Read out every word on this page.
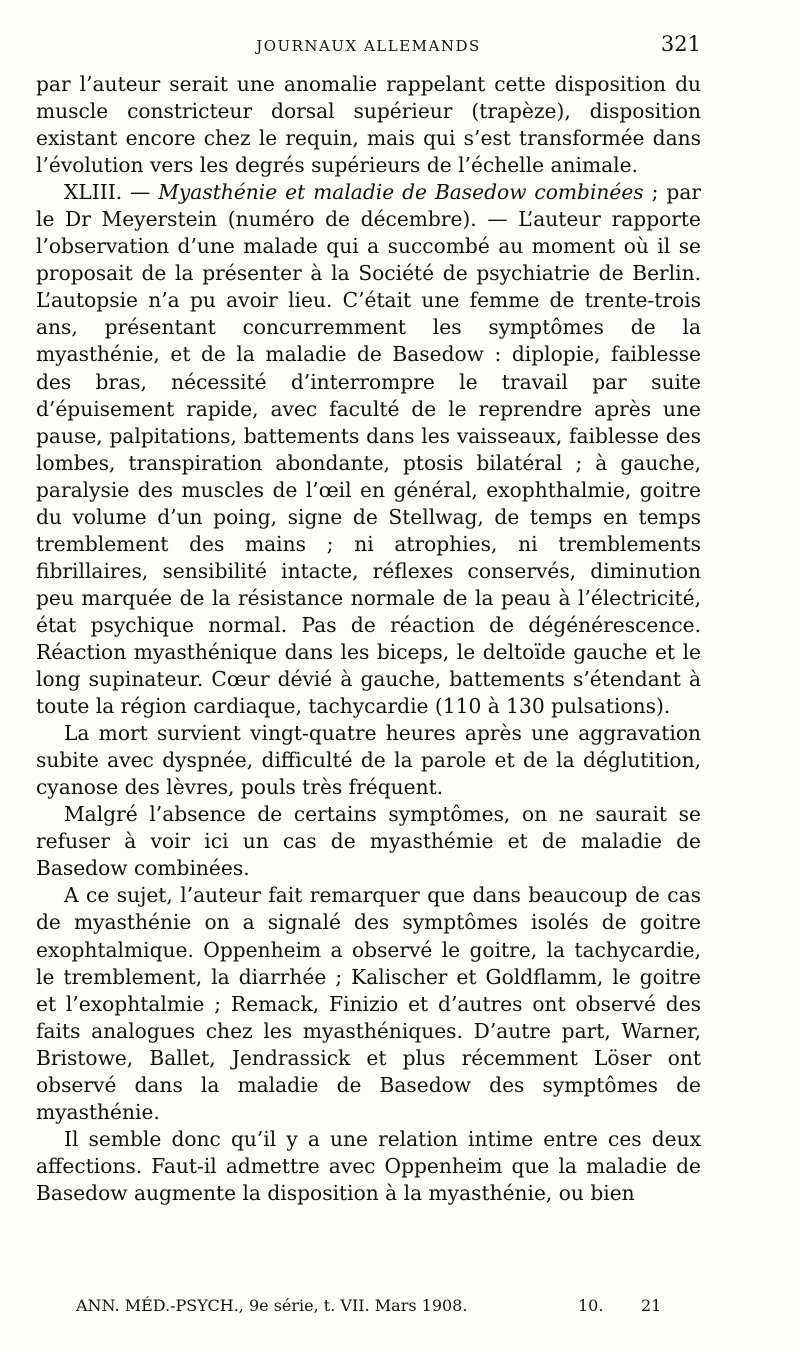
JOURNAUX ALLEMANDS	321

par l’auteur serait une anomalie rappelant cette disposition du muscle constricteur dorsal supérieur (trapèze), disposition existant encore chez le requin, mais qui s’est transformée dans l’évolution vers les degrés supérieurs de l’échelle animale.

XLIII. — Myasthénie et maladie de Basedow combinées ; par le Dr Meyerstein (numéro de décembre). — L’auteur rapporte l’observation d’une malade qui a succombé au moment où il se proposait de la présenter à la Société de psychiatrie de Berlin. L’autopsie n’a pu avoir lieu. C’était une femme de trente-trois ans, présentant concurremment les symptômes de la myasthénie, et de la maladie de Basedow : diplopie, faiblesse des bras, nécessité d’interrompre le travail par suite d’épuisement rapide, avec faculté de le reprendre après une pause, palpitations, battements dans les vaisseaux, faiblesse des lombes, transpiration abondante, ptosis bilatéral ; à gauche, paralysie des muscles de l’œil en général, exophthalmie, goitre du volume d’un poing, signe de Stellwag, de temps en temps tremblement des mains ; ni atrophies, ni tremblements fibrillaires, sensibilité intacte, réflexes conservés, diminution peu marquée de la résistance normale de la peau à l’électricité, état psychique normal. Pas de réaction de dégénérescence. Réaction myasthénique dans les biceps, le deltoïde gauche et le long supinateur. Cœur dévié à gauche, battements s’étendant à toute la région cardiaque, tachycardie (110 à 130 pulsations).

La mort survient vingt-quatre heures après une aggravation subite avec dyspnée, difficulté de la parole et de la déglutition, cyanose des lèvres, pouls très fréquent.

Malgré l’absence de certains symptômes, on ne saurait se refuser à voir ici un cas de myasthémie et de maladie de Basedow combinées.

A ce sujet, l’auteur fait remarquer que dans beaucoup de cas de myasthénie on a signalé des symptômes isolés de goitre exophtalmique. Oppenheim a observé le goitre, la tachycardie, le tremblement, la diarrhée ; Kalischer et Goldflamm, le goitre et l’exophtalmie ; Remack, Finizio et d’autres ont observé des faits analogues chez les myasthéniques. D’autre part, Warner, Bristowe, Ballet, Jendrassick et plus récemment Löser ont observé dans la maladie de Basedow des symptômes de myasthénie.

Il semble donc qu’il y a une relation intime entre ces deux affections. Faut-il admettre avec Oppenheim que la maladie de Basedow augmente la disposition à la myasthénie, ou bien

ANN. MÉD.-PSYCH., 9e série, t. VII. Mars 1908.	10. 21
